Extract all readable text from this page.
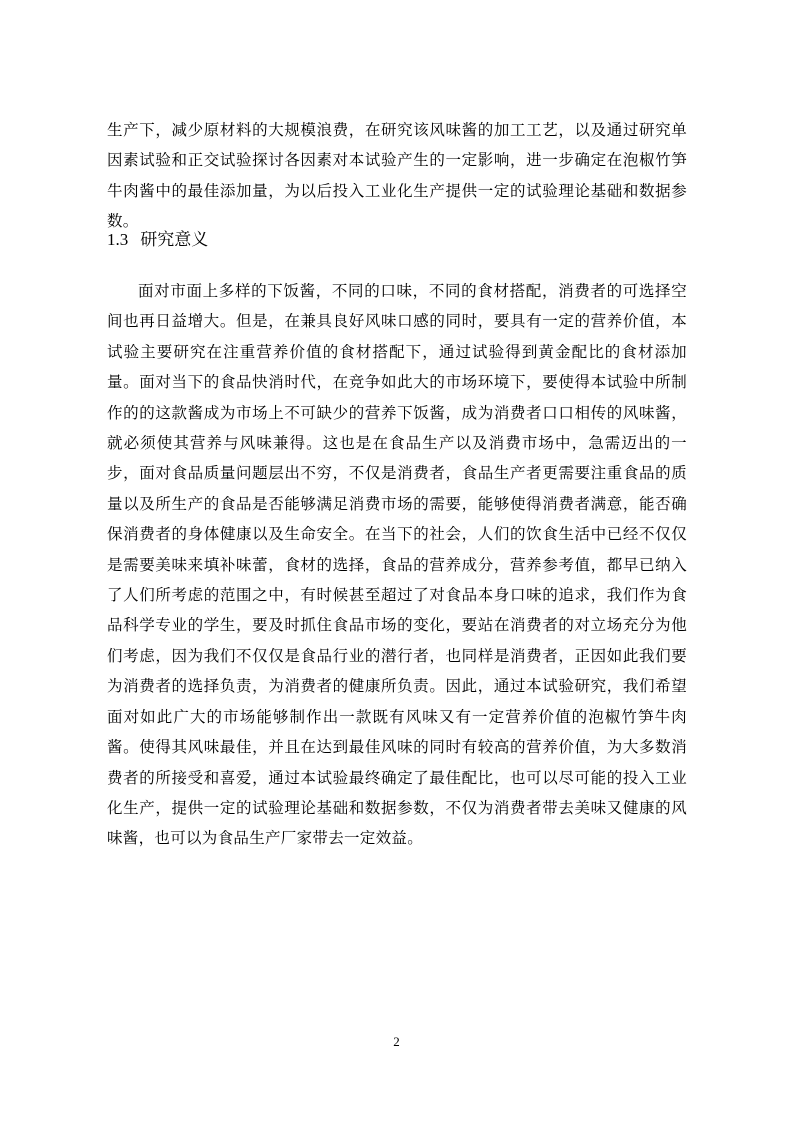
生产下，减少原材料的大规模浪费，在研究该风味酱的加工工艺，以及通过研究单因素试验和正交试验探讨各因素对本试验产生的一定影响，进一步确定在泡椒竹笋牛肉酱中的最佳添加量，为以后投入工业化生产提供一定的试验理论基础和数据参数。

1.3 研究意义

面对市面上多样的下饭酱，不同的口味，不同的食材搭配，消费者的可选择空间也再日益增大。但是，在兼具良好风味口感的同时，要具有一定的营养价值，本试验主要研究在注重营养价值的食材搭配下，通过试验得到黄金配比的食材添加量。面对当下的食品快消时代，在竞争如此大的市场环境下，要使得本试验中所制作的的这款酱成为市场上不可缺少的营养下饭酱，成为消费者口口相传的风味酱，就必须使其营养与风味兼得。这也是在食品生产以及消费市场中，急需迈出的一步，面对食品质量问题层出不穷，不仅是消费者，食品生产者更需要注重食品的质量以及所生产的食品是否能够满足消费市场的需要，能够使得消费者满意，能否确保消费者的身体健康以及生命安全。在当下的社会，人们的饮食生活中已经不仅仅是需要美味来填补味蕾，食材的选择，食品的营养成分，营养参考值，都早已纳入了人们所考虑的范围之中，有时候甚至超过了对食品本身口味的追求，我们作为食品科学专业的学生，要及时抓住食品市场的变化，要站在消费者的对立场充分为他们考虑，因为我们不仅仅是食品行业的潜行者，也同样是消费者，正因如此我们要为消费者的选择负责，为消费者的健康所负责。因此，通过本试验研究，我们希望面对如此广大的市场能够制作出一款既有风味又有一定营养价值的泡椒竹笋牛肉酱。使得其风味最佳，并且在达到最佳风味的同时有较高的营养价值，为大多数消费者的所接受和喜爱，通过本试验最终确定了最佳配比，也可以尽可能的投入工业化生产，提供一定的试验理论基础和数据参数，不仅为消费者带去美味又健康的风味酱，也可以为食品生产厂家带去一定效益。

2
